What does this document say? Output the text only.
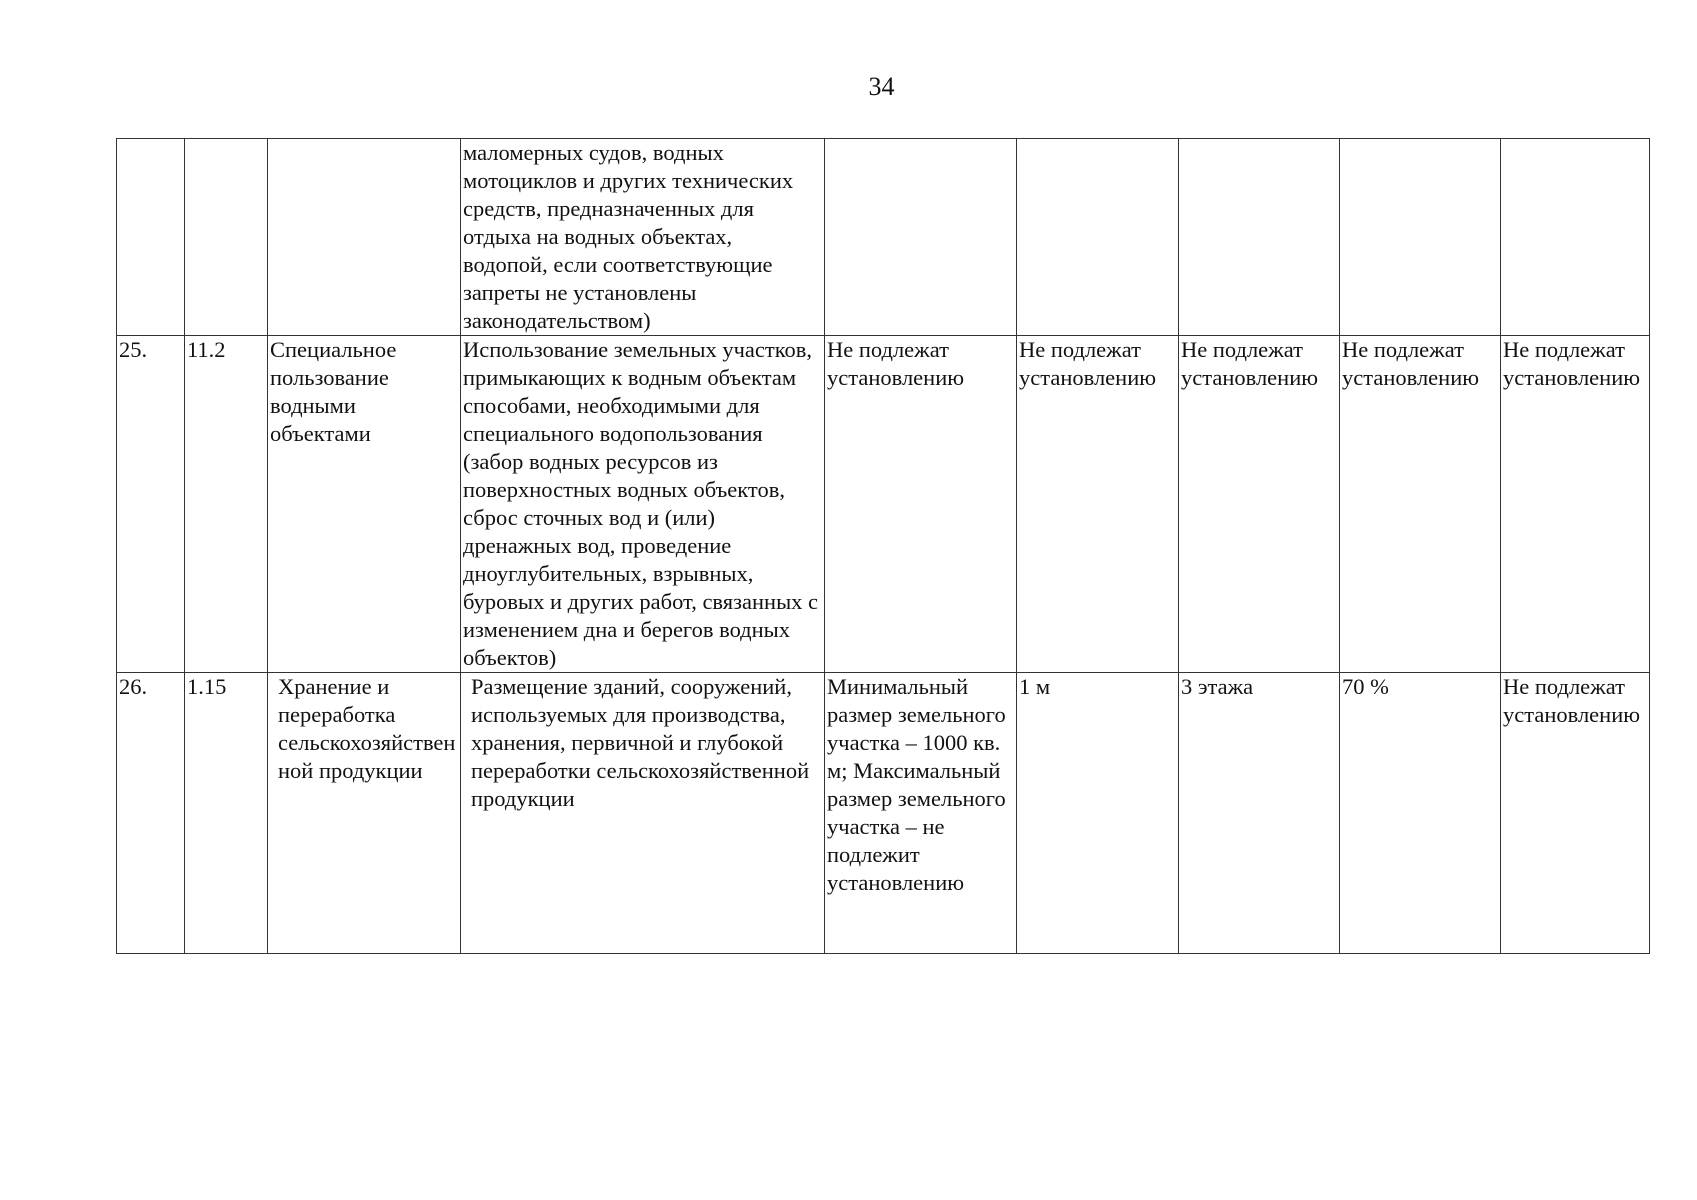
34

			маломерных судов, водных мотоциклов и других технических средств, предназначенных для отдыха на водных объектах, водопой, если соответствующие запреты не установлены законодательством)					

25.	11.2	Специальное пользование водными объектами	Использование земельных участков, примыкающих к водным объектам способами, необходимыми для специального водопользования (забор водных ресурсов из поверхностных водных объектов, сброс сточных вод и (или) дренажных вод, проведение дноуглубительных, взрывных, буровых и других работ, связанных с изменением дна и берегов водных объектов)	Не подлежат установлению	Не подлежат установлению	Не подлежат установлению	Не подлежат установлению	Не подлежат установлению

26.	1.15	Хранение и переработка сельскохозяйственной продукции	Размещение зданий, сооружений, используемых для производства, хранения, первичной и глубокой переработки сельскохозяйственной продукции	Минимальный размер земельного участка – 1000 кв. м; Максимальный размер земельного участка – не подлежит установлению	1 м	3 этажа	70 %	Не подлежат установлению
